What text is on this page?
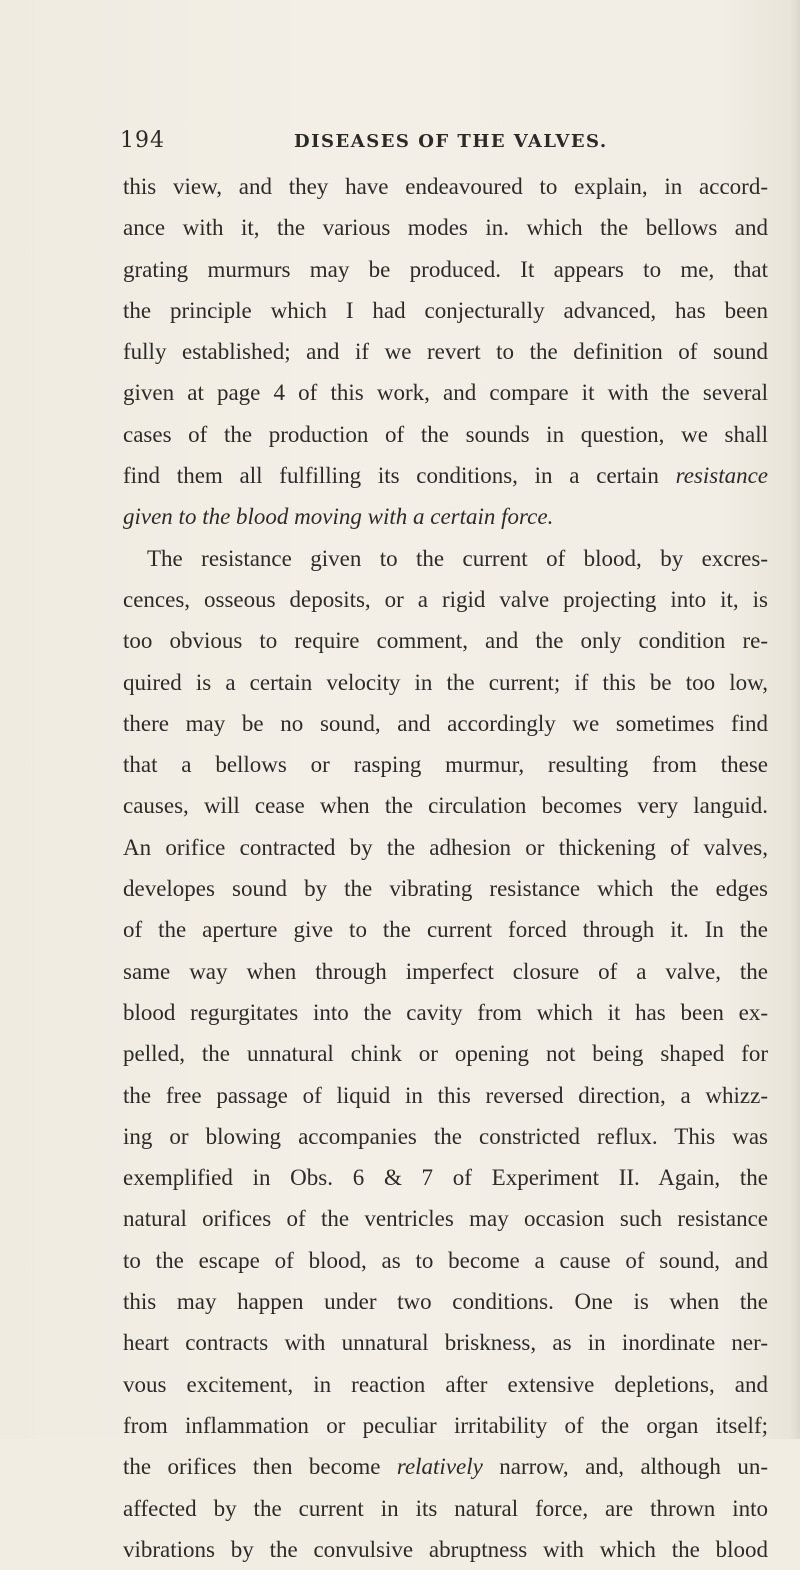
194	DISEASES OF THE VALVES.
this view, and they have endeavoured to explain, in accord-
ance with it, the various modes in. which the bellows and
grating murmurs may be produced. It appears to me, that
the principle which I had conjecturally advanced, has been
fully established; and if we revert to the definition of sound
given at page 4 of this work, and compare it with the several
cases of the production of the sounds in question, we shall
find them all fulfilling its conditions, in a certain resistance
given to the blood moving with a certain force.
The resistance given to the current of blood, by excres-
cences, osseous deposits, or a rigid valve projecting into it, is
too obvious to require comment, and the only condition re-
quired is a certain velocity in the current; if this be too low,
there may be no sound, and accordingly we sometimes find
that a bellows or rasping murmur, resulting from these
causes, will cease when the circulation becomes very languid.
An orifice contracted by the adhesion or thickening of valves,
developes sound by the vibrating resistance which the edges
of the aperture give to the current forced through it. In the
same way when through imperfect closure of a valve, the
blood regurgitates into the cavity from which it has been ex-
pelled, the unnatural chink or opening not being shaped for
the free passage of liquid in this reversed direction, a whizz-
ing or blowing accompanies the constricted reflux. This was
exemplified in Obs. 6 & 7 of Experiment II. Again, the
natural orifices of the ventricles may occasion such resistance
to the escape of blood, as to become a cause of sound, and
this may happen under two conditions. One is when the
heart contracts with unnatural briskness, as in inordinate ner-
vous excitement, in reaction after extensive depletions, and
from inflammation or peculiar irritability of the organ itself;
the orifices then become relatively narrow, and, although un-
affected by the current in its natural force, are thrown into
vibrations by the convulsive abruptness with which the blood
